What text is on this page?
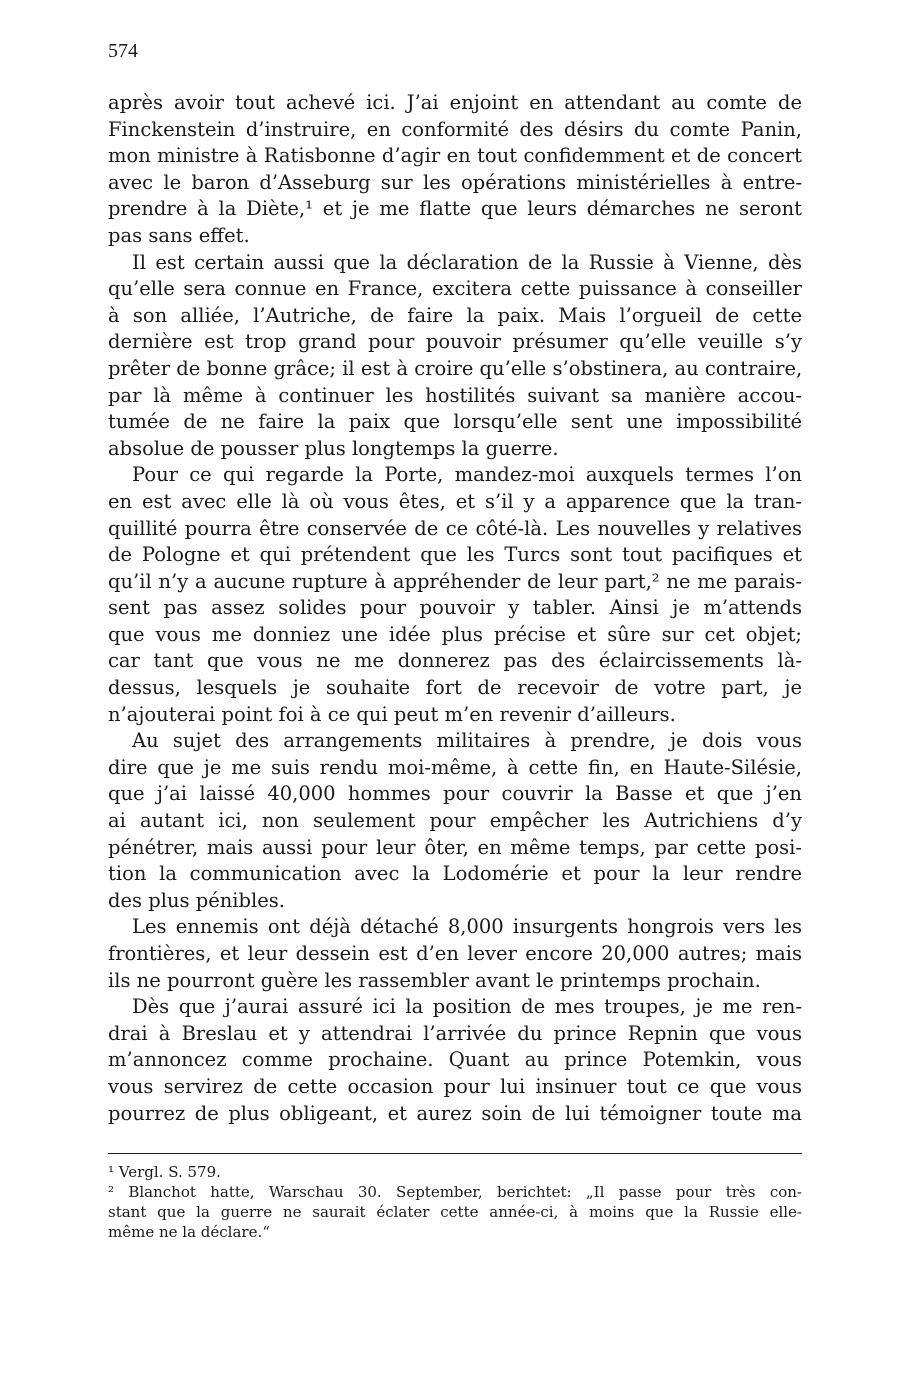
574
après avoir tout achevé ici. J’ai enjoint en attendant au comte de
Finckenstein d’instruire, en conformité des désirs du comte Panin,
mon ministre à Ratisbonne d’agir en tout confidemment et de concert
avec le baron d’Asseburg sur les opérations ministérielles à entre-
prendre à la Diète,¹ et je me flatte que leurs démarches ne seront
pas sans effet.
Il est certain aussi que la déclaration de la Russie à Vienne, dès
qu’elle sera connue en France, excitera cette puissance à conseiller
à son alliée, l’Autriche, de faire la paix. Mais l’orgueil de cette
dernière est trop grand pour pouvoir présumer qu’elle veuille s’y
prêter de bonne grâce; il est à croire qu’elle s’obstinera, au contraire,
par là même à continuer les hostilités suivant sa manière accou-
tumée de ne faire la paix que lorsqu’elle sent une impossibilité
absolue de pousser plus longtemps la guerre.
Pour ce qui regarde la Porte, mandez-moi auxquels termes l’on
en est avec elle là où vous êtes, et s’il y a apparence que la tran-
quillité pourra être conservée de ce côté-là. Les nouvelles y relatives
de Pologne et qui prétendent que les Turcs sont tout pacifiques et
qu’il n’y a aucune rupture à appréhender de leur part,² ne me parais-
sent pas assez solides pour pouvoir y tabler. Ainsi je m’attends
que vous me donniez une idée plus précise et sûre sur cet objet;
car tant que vous ne me donnerez pas des éclaircissements là-
dessus, lesquels je souhaite fort de recevoir de votre part, je
n’ajouterai point foi à ce qui peut m’en revenir d’ailleurs.
Au sujet des arrangements militaires à prendre, je dois vous
dire que je me suis rendu moi-même, à cette fin, en Haute-Silésie,
que j’ai laissé 40,000 hommes pour couvrir la Basse et que j’en
ai autant ici, non seulement pour empêcher les Autrichiens d’y
pénétrer, mais aussi pour leur ôter, en même temps, par cette posi-
tion la communication avec la Lodomérie et pour la leur rendre
des plus pénibles.
Les ennemis ont déjà détaché 8,000 insurgents hongrois vers les
frontières, et leur dessein est d’en lever encore 20,000 autres; mais
ils ne pourront guère les rassembler avant le printemps prochain.
Dès que j’aurai assuré ici la position de mes troupes, je me ren-
drai à Breslau et y attendrai l’arrivée du prince Repnin que vous
m’annoncez comme prochaine. Quant au prince Potemkin, vous
vous servirez de cette occasion pour lui insinuer tout ce que vous
pourrez de plus obligeant, et aurez soin de lui témoigner toute ma
¹ Vergl. S. 579.
² Blanchot hatte, Warschau 30. September, berichtet: „Il passe pour très con-
stant que la guerre ne saurait éclater cette année-ci, à moins que la Russie elle-
même ne la déclare.“
